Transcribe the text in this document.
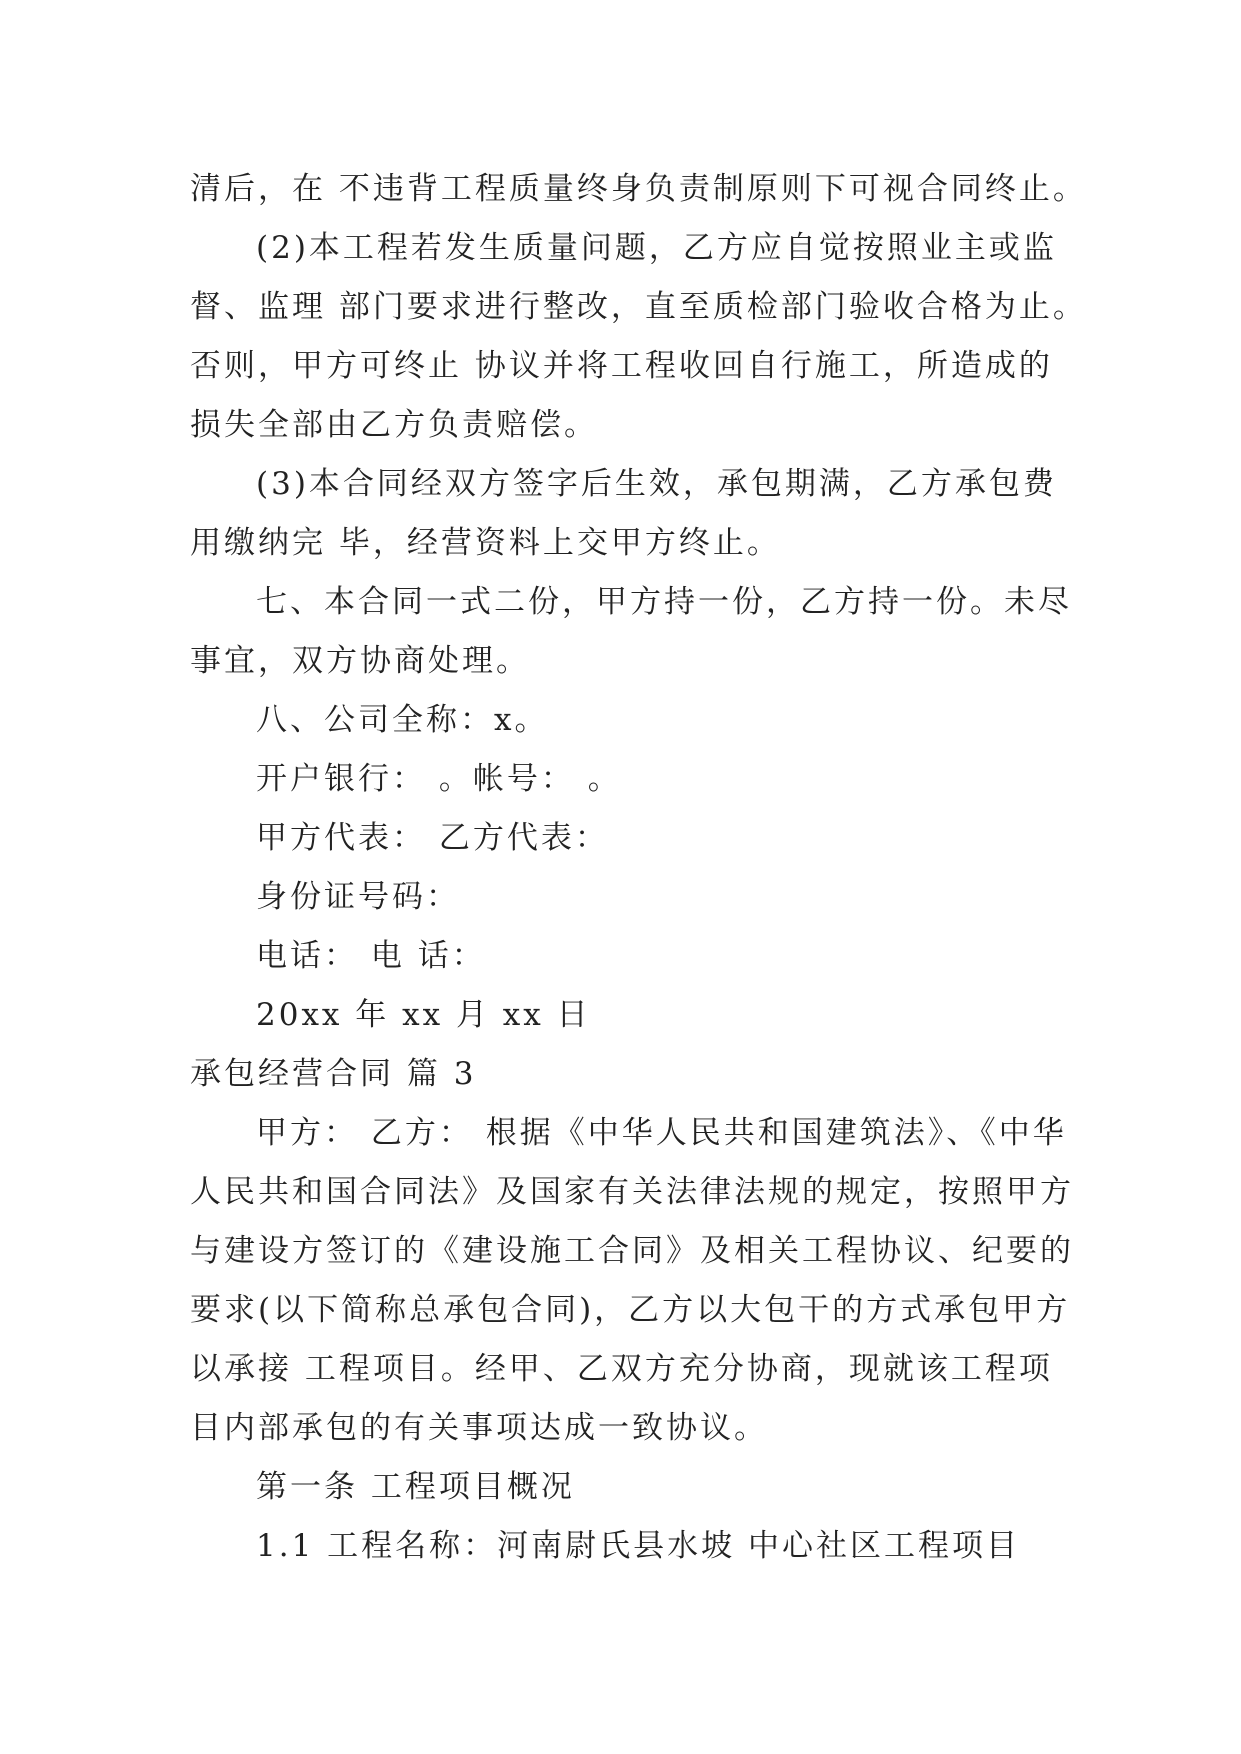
清后，在 不违背工程质量终身负责制原则下可视合同终止。
(2)本工程若发生质量问题，乙方应自觉按照业主或监
督、监理 部门要求进行整改，直至质检部门验收合格为止。
否则，甲方可终止 协议并将工程收回自行施工，所造成的
损失全部由乙方负责赔偿。
(3)本合同经双方签字后生效，承包期满，乙方承包费
用缴纳完 毕，经营资料上交甲方终止。
七、本合同一式二份，甲方持一份，乙方持一份。未尽
事宜，双方协商处理。
八、公司全称：x。
开户银行： 。帐号： 。
甲方代表： 乙方代表：
身份证号码：
电话： 电 话：
20xx 年 xx 月 xx 日
承包经营合同 篇 3
甲方： 乙方： 根据《中华人民共和国建筑法》、《中华
人民共和国合同法》及国家有关法律法规的规定，按照甲方
与建设方签订的《建设施工合同》及相关工程协议、纪要的
要求(以下简称总承包合同)，乙方以大包干的方式承包甲方
以承接 工程项目。经甲、乙双方充分协商，现就该工程项
目内部承包的有关事项达成一致协议。
第一条 工程项目概况
1.1 工程名称：河南尉氏县水坡 中心社区工程项目
